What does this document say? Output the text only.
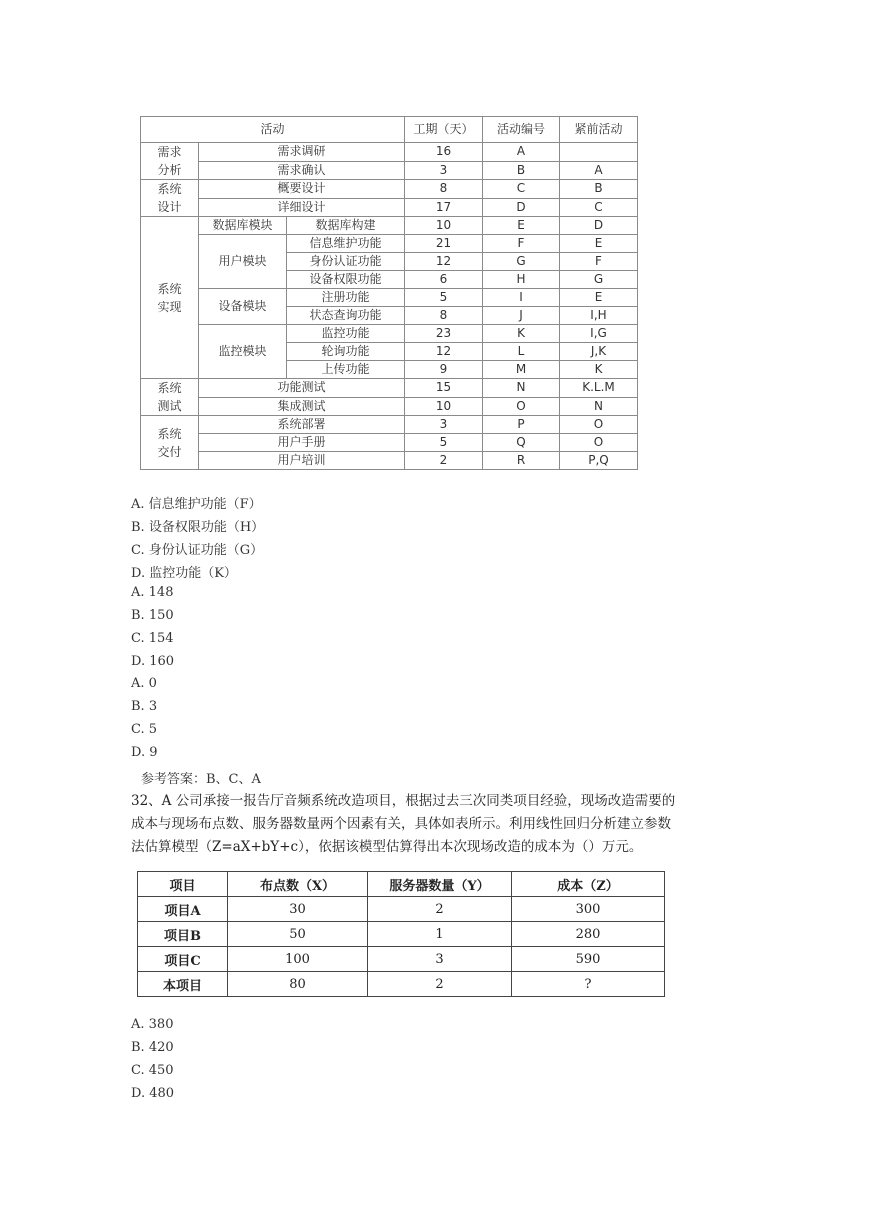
活动			工期（天）	活动编号	紧前活动
需求
分析	需求调研		16	A	
	需求确认		3	B	A
系统
设计	概要设计		8	C	B
	详细设计		17	D	C
系统
实现	数据库模块	数据库构建	10	E	D
	用户模块	信息维护功能	21	F	E
		身份认证功能	12	G	F
		设备权限功能	6	H	G
	设备模块	注册功能	5	I	E
		状态查询功能	8	J	I,H
	监控模块	监控功能	23	K	I,G
		轮询功能	12	L	J,K
		上传功能	9	M	K
系统
测试	功能测试		15	N	K.L.M
	集成测试		10	O	N
系统
交付	系统部署		3	P	O
	用户手册		5	Q	O
	用户培训		2	R	P,Q
A. 信息维护功能（F）
B. 设备权限功能（H）
C. 身份认证功能（G）
D. 监控功能（K）
A. 148
B. 150
C. 154
D. 160
A. 0
B. 3
C. 5
D. 9
参考答案：B、C、A
32、A 公司承接一报告厅音频系统改造项目，根据过去三次同类项目经验，现场改造需要的
成本与现场布点数、服务器数量两个因素有关，具体如表所示。利用线性回归分析建立参数
法估算模型（Z=aX+bY+c），依据该模型估算得出本次现场改造的成本为（）万元。
项目	布点数（X）	服务器数量（Y）	成本（Z）
项目A	30	2	300
项目B	50	1	280
项目C	100	3	590
本项目	80	2	?
A. 380
B. 420
C. 450
D. 480
